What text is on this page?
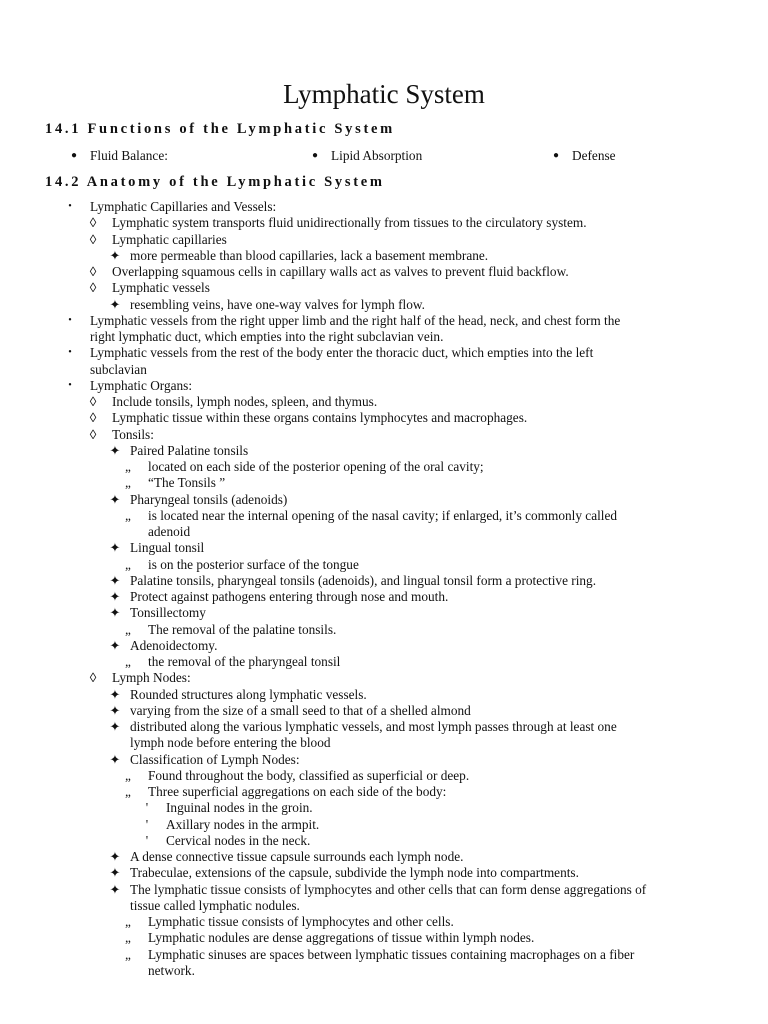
Lymphatic System
14.1 Functions of the Lymphatic System
● Fluid Balance:	● Lipid Absorption	● Defense
14.2 Anatomy of the Lymphatic System
•	Lymphatic Capillaries and Vessels:
◊ Lymphatic system transports fluid unidirectionally from tissues to the circulatory system.
◊ Lymphatic capillaries
✦ more permeable than blood capillaries, lack a basement membrane.
◊ Overlapping squamous cells in capillary walls act as valves to prevent fluid backflow.
◊ Lymphatic vessels
✦ resembling veins, have one-way valves for lymph flow.
•	Lymphatic vessels from the right upper limb and the right half of the head, neck, and chest form the
right lymphatic duct, which empties into the right subclavian vein.
•	Lymphatic vessels from the rest of the body enter the thoracic duct, which empties into the left
subclavian
•	Lymphatic Organs:
◊ Include tonsils, lymph nodes, spleen, and thymus.
◊ Lymphatic tissue within these organs contains lymphocytes and macrophages.
◊ Tonsils:
✦ Paired Palatine tonsils
„	located on each side of the posterior opening of the oral cavity;
„	“The Tonsils ”
✦ Pharyngeal tonsils (adenoids)
„	is located near the internal opening of the nasal cavity; if enlarged, it’s commonly called
adenoid
✦ Lingual tonsil
„	is on the posterior surface of the tongue
✦ Palatine tonsils, pharyngeal tonsils (adenoids), and lingual tonsil form a protective ring.
✦ Protect against pathogens entering through nose and mouth.
✦ Tonsillectomy
„	The removal of the palatine tonsils.
✦ Adenoidectomy.
„	the removal of the pharyngeal tonsil
◊ Lymph Nodes:
✦ Rounded structures along lymphatic vessels.
✦ varying from the size of a small seed to that of a shelled almond
✦ distributed along the various lymphatic vessels, and most lymph passes through at least one
lymph node before entering the blood
✦ Classification of Lymph Nodes:
„	Found throughout the body, classified as superficial or deep.
„	Three superficial aggregations on each side of the body:
'	Inguinal nodes in the groin.
'	Axillary nodes in the armpit.
'	Cervical nodes in the neck.
✦ A dense connective tissue capsule surrounds each lymph node.
✦ Trabeculae, extensions of the capsule, subdivide the lymph node into compartments.
✦ The lymphatic tissue consists of lymphocytes and other cells that can form dense aggregations of
tissue called lymphatic nodules.
„	Lymphatic tissue consists of lymphocytes and other cells.
„	Lymphatic nodules are dense aggregations of tissue within lymph nodes.
„	Lymphatic sinuses are spaces between lymphatic tissues containing macrophages on a fiber
network.
